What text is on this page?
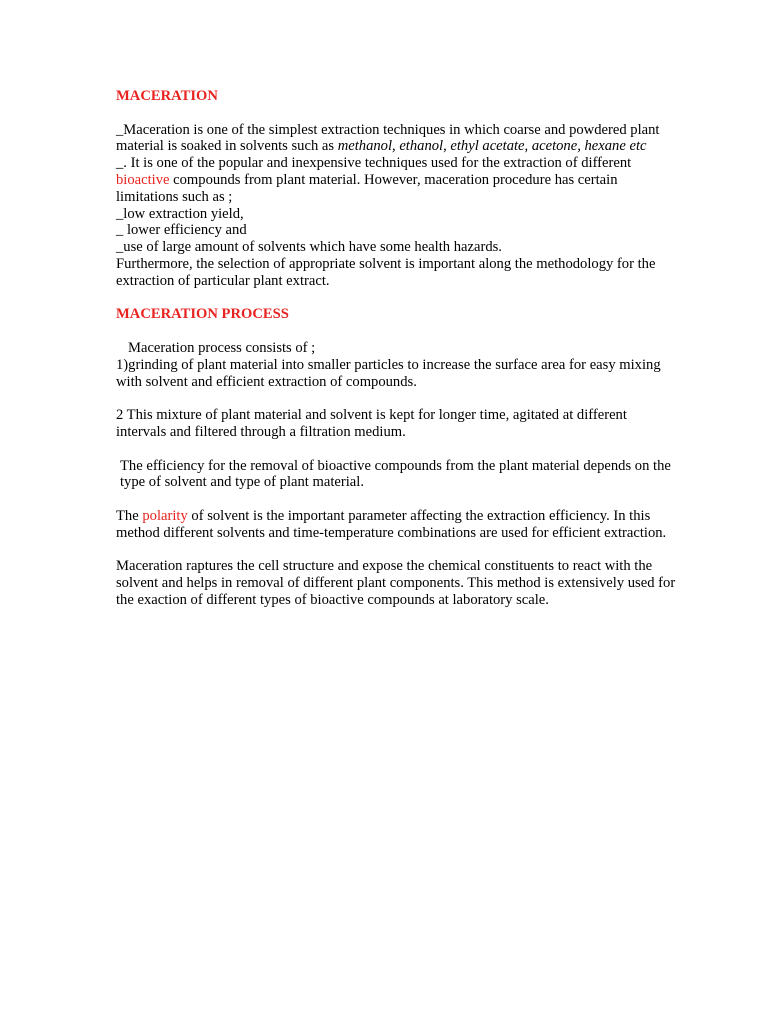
MACERATION

_Maceration is one of the simplest extraction techniques in which coarse and powdered plant material is soaked in solvents such as methanol, ethanol, ethyl acetate, acetone, hexane etc

_. It is one of the popular and inexpensive techniques used for the extraction of different bioactive compounds from plant material. However, maceration procedure has certain limitations such as ;

_low extraction yield,

_ lower efficiency and

_use of large amount of solvents which have some health hazards.

Furthermore, the selection of appropriate solvent is important along the methodology for the extraction of particular plant extract.

MACERATION PROCESS

Maceration process consists of ;

1)grinding of plant material into smaller particles to increase the surface area for easy mixing with solvent and efficient extraction of compounds.

2 This mixture of plant material and solvent is kept for longer time, agitated at different intervals and filtered through a filtration medium.

The efficiency for the removal of bioactive compounds from the plant material depends on the type of solvent and type of plant material.

The polarity of solvent is the important parameter affecting the extraction efficiency. In this method different solvents and time-temperature combinations are used for efficient extraction.

Maceration raptures the cell structure and expose the chemical constituents to react with the solvent and helps in removal of different plant components. This method is extensively used for the exaction of different types of bioactive compounds at laboratory scale.
